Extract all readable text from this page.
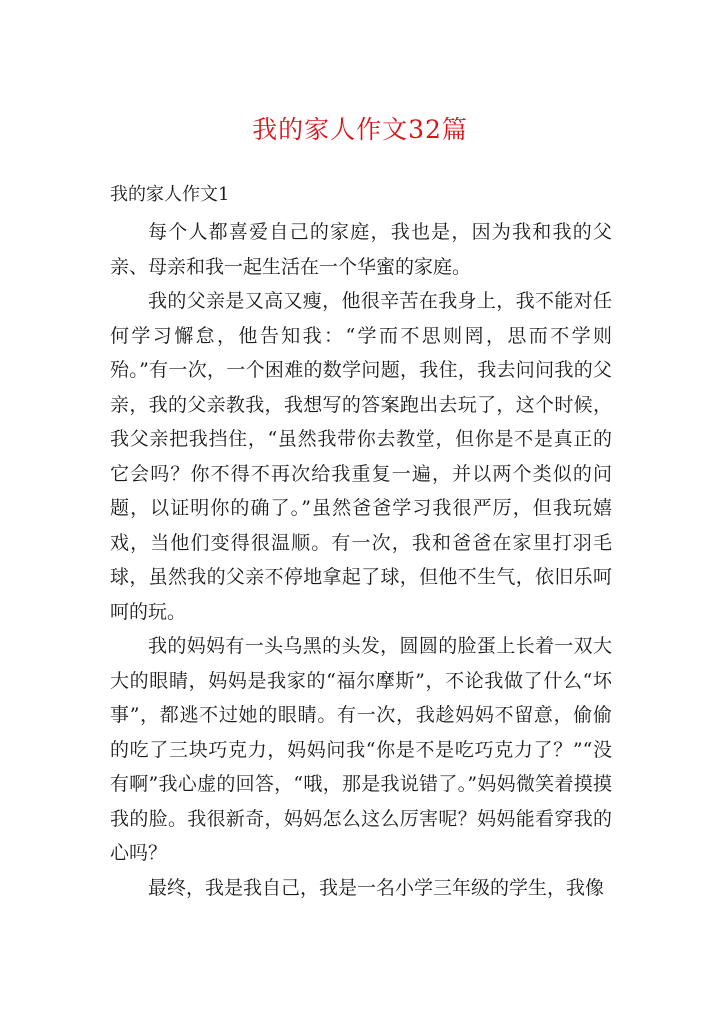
我的家人作文32篇
我的家人作文1

每个人都喜爱自己的家庭，我也是，因为我和我的父亲、母亲和我一起生活在一个华蜜的家庭。

我的父亲是又高又瘦，他很辛苦在我身上，我不能对任何学习懈怠，他告知我：“学而不思则罔，思而不学则殆。”有一次，一个困难的数学问题，我住，我去问问我的父亲，我的父亲教我，我想写的答案跑出去玩了，这个时候，我父亲把我挡住，“虽然我带你去教堂，但你是不是真正的它会吗？你不得不再次给我重复一遍，并以两个类似的问题，以证明你的确了。”虽然爸爸学习我很严厉，但我玩嬉戏，当他们变得很温顺。有一次，我和爸爸在家里打羽毛球，虽然我的父亲不停地拿起了球，但他不生气，依旧乐呵呵的玩。

我的妈妈有一头乌黑的头发，圆圆的脸蛋上长着一双大大的眼睛，妈妈是我家的“福尔摩斯”，不论我做了什么“坏事”，都逃不过她的眼睛。有一次，我趁妈妈不留意，偷偷的吃了三块巧克力，妈妈问我“你是不是吃巧克力了？”“没有啊”我心虚的回答，“哦，那是我说错了。”妈妈微笑着摸摸我的脸。我很新奇，妈妈怎么这么厉害呢？妈妈能看穿我的心吗？

最终，我是我自己，我是一名小学三年级的学生，我像
